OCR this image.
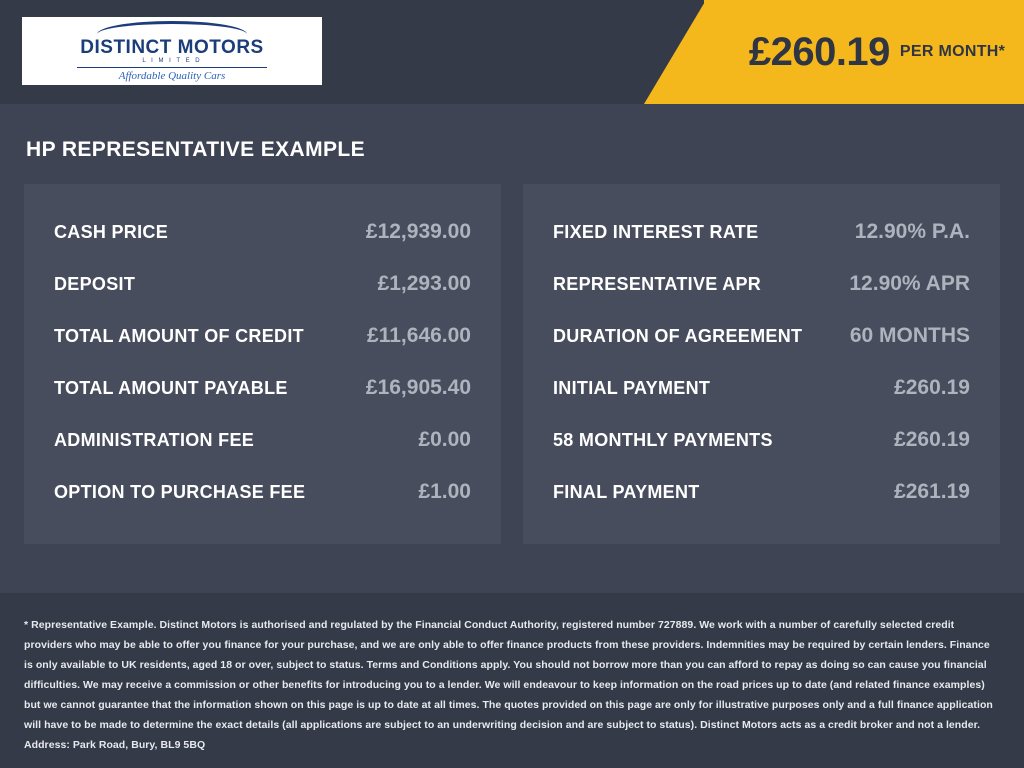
DISTINCT MOTORS
L I M I T E D
Affordable Quality Cars
£260.19 PER MONTH*
HP REPRESENTATIVE EXAMPLE
CASH PRICE	£12,939.00
DEPOSIT	£1,293.00
TOTAL AMOUNT OF CREDIT	£11,646.00
TOTAL AMOUNT PAYABLE	£16,905.40
ADMINISTRATION FEE	£0.00
OPTION TO PURCHASE FEE	£1.00
FIXED INTEREST RATE	12.90% P.A.
REPRESENTATIVE APR	12.90% APR
DURATION OF AGREEMENT 60 MONTHS
INITIAL PAYMENT	£260.19
58 MONTHLY PAYMENTS	£260.19
FINAL PAYMENT	£261.19

* Representative Example. Distinct Motors is authorised and regulated by the Financial Conduct Authority, registered number 727889. We work with a number of carefully selected credit providers who may be able to offer you finance for your purchase, and we are only able to offer finance products from these providers. Indemnities may be required by certain lenders. Finance is only available to UK residents, aged 18 or over, subject to status. Terms and Conditions apply. You should not borrow more than you can afford to repay as doing so can cause you financial difficulties. We may receive a commission or other benefits for introducing you to a lender. We will endeavour to keep information on the road prices up to date (and related finance examples) but we cannot guarantee that the information shown on this page is up to date at all times. The quotes provided on this page are only for illustrative purposes only and a full finance application will have to be made to determine the exact details (all applications are subject to an underwriting decision and are subject to status). Distinct Motors acts as a credit broker and not a lender. Address: Park Road, Bury, BL9 5BQ
